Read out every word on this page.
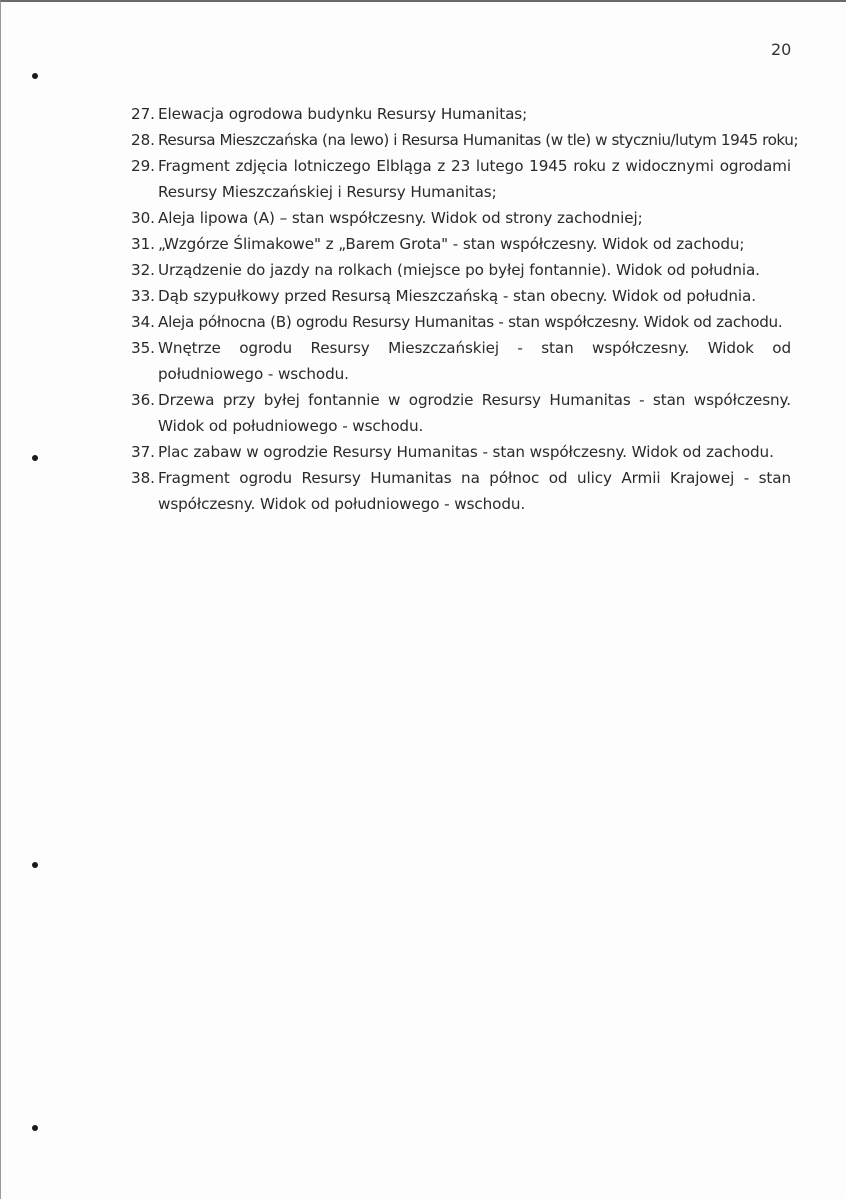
20
27. Elewacja ogrodowa budynku Resursy Humanitas;
28. Resursa Mieszczańska (na lewo) i Resursa Humanitas (w tle) w styczniu/lutym 1945 roku;
29. Fragment zdjęcia lotniczego Elbląga z 23 lutego 1945 roku z widocznymi ogrodami Resursy Mieszczańskiej i Resursy Humanitas;
30. Aleja lipowa (A) – stan współczesny. Widok od strony zachodniej;
31. „Wzgórze Ślimakowe" z „Barem Grota" - stan współczesny. Widok od zachodu;
32. Urządzenie do jazdy na rolkach (miejsce po byłej fontannie). Widok od południa.
33. Dąb szypułkowy przed Resursą Mieszczańską - stan obecny. Widok od południa.
34. Aleja północna (B) ogrodu Resursy Humanitas - stan współczesny. Widok od zachodu.
35. Wnętrze ogrodu Resursy Mieszczańskiej - stan współczesny. Widok od południowego - wschodu.
36. Drzewa przy byłej fontannie w ogrodzie Resursy Humanitas - stan współczesny. Widok od południowego - wschodu.
37. Plac zabaw w ogrodzie Resursy Humanitas - stan współczesny. Widok od zachodu.
38. Fragment ogrodu Resursy Humanitas na północ od ulicy Armii Krajowej - stan współczesny. Widok od południowego - wschodu.
